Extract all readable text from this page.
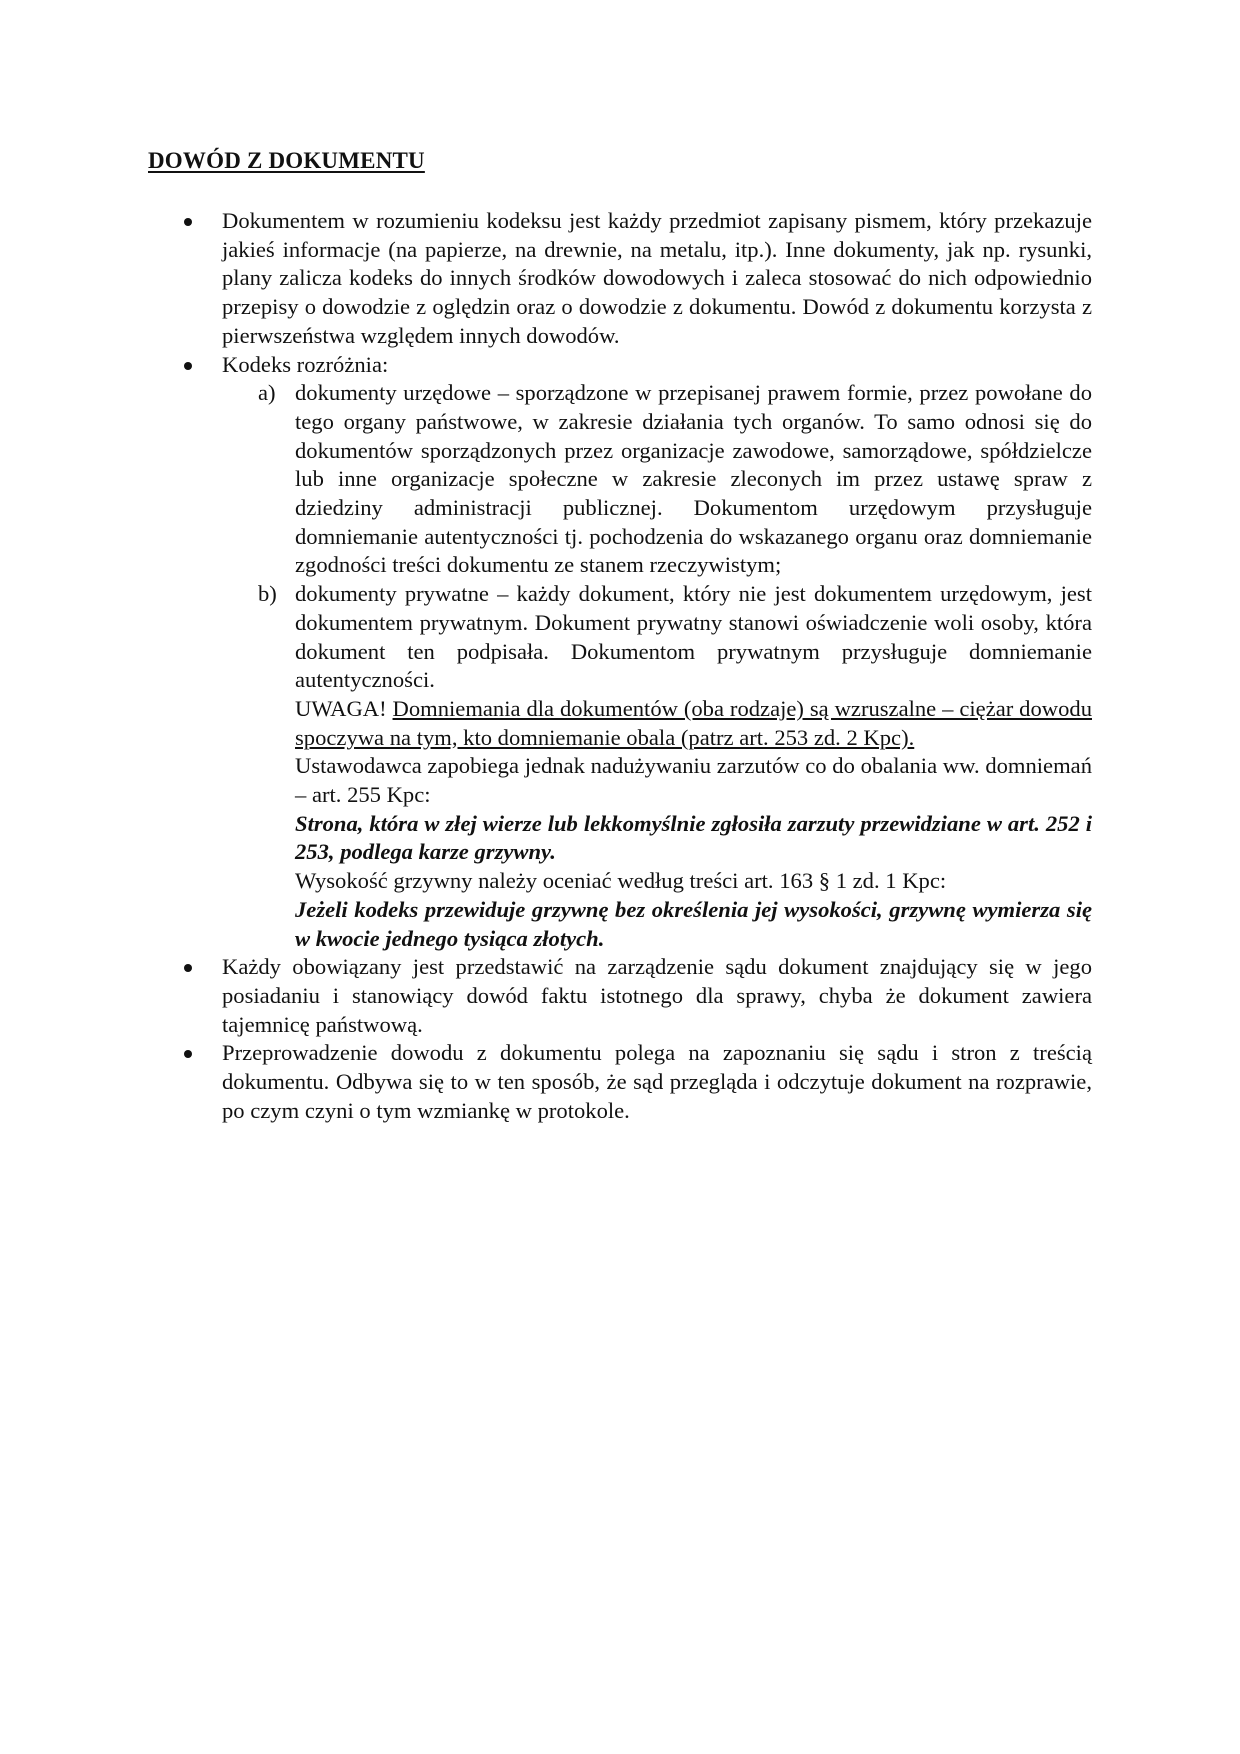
DOWÓD Z DOKUMENTU

Dokumentem w rozumieniu kodeksu jest każdy przedmiot zapisany pismem, który przekazuje jakieś informacje (na papierze, na drewnie, na metalu, itp.). Inne dokumenty, jak np. rysunki, plany zalicza kodeks do innych środków dowodowych i zaleca stosować do nich odpowiednio przepisy o dowodzie z oględzin oraz o dowodzie z dokumentu. Dowód z dokumentu korzysta z pierwszeństwa względem innych dowodów.

Kodeks rozróżnia:

a) dokumenty urzędowe – sporządzone w przepisanej prawem formie, przez powołane do tego organy państwowe, w zakresie działania tych organów. To samo odnosi się do dokumentów sporządzonych przez organizacje zawodowe, samorządowe, spółdzielcze lub inne organizacje społeczne w zakresie zleconych im przez ustawę spraw z dziedziny administracji publicznej. Dokumentom urzędowym przysługuje domniemanie autentyczności tj. pochodzenia do wskazanego organu oraz domniemanie zgodności treści dokumentu ze stanem rzeczywistym;
b) dokumenty prywatne – każdy dokument, który nie jest dokumentem urzędowym, jest dokumentem prywatnym. Dokument prywatny stanowi oświadczenie woli osoby, która dokument ten podpisała. Dokumentom prywatnym przysługuje domniemanie autentyczności.

UWAGA! Domniemania dla dokumentów (oba rodzaje) są wzruszalne – ciężar dowodu spoczywa na tym, kto domniemanie obala (patrz art. 253 zd. 2 Kpc).

Ustawodawca zapobiega jednak nadużywaniu zarzutów co do obalania ww. domniemań – art. 255 Kpc:

Strona, która w złej wierze lub lekkomyślnie zgłosiła zarzuty przewidziane w art. 252 i 253, podlega karze grzywny.

Wysokość grzywny należy oceniać według treści art. 163 § 1 zd. 1 Kpc:

Jeżeli kodeks przewiduje grzywnę bez określenia jej wysokości, grzywnę wymierza się w kwocie jednego tysiąca złotych.

Każdy obowiązany jest przedstawić na zarządzenie sądu dokument znajdujący się w jego posiadaniu i stanowiący dowód faktu istotnego dla sprawy, chyba że dokument zawiera tajemnicę państwową.

Przeprowadzenie dowodu z dokumentu polega na zapoznaniu się sądu i stron z treścią dokumentu. Odbywa się to w ten sposób, że sąd przegląda i odczytuje dokument na rozprawie, po czym czyni o tym wzmiankę w protokole.
